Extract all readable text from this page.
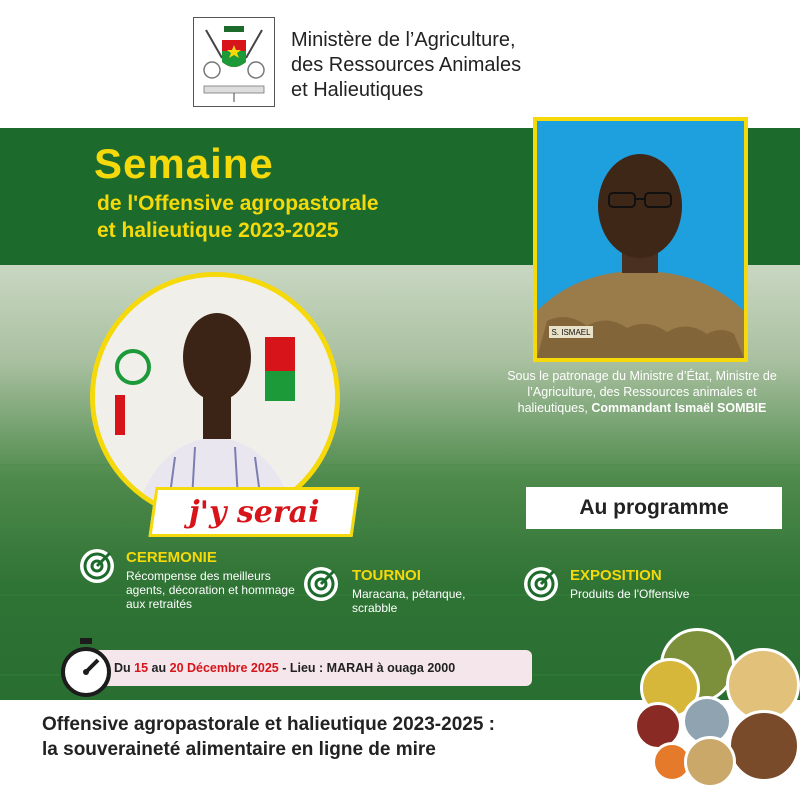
Ministère de l’Agriculture,
des Ressources Animales
et Halieutiques
Semaine
de l'Offensive agropastorale
et halieutique 2023-2025
S. ISMAEL
Sous le patronage du Ministre d’État, Ministre de l’Agriculture, des Ressources animales et halieutiques, Commandant Ismaël SOMBIE
j'y serai	Au programme
CEREMONIE
Récompense des meilleurs agents, décoration et hommage aux retraités
TOURNOI
Maracana, pétanque, scrabble
EXPOSITION
Produits de l'Offensive
Du
15
au
20 Décembre 2025
- Lieu : MARAH à ouaga 2000
Offensive agropastorale et halieutique 2023-2025 :
la souveraineté alimentaire en ligne de mire
